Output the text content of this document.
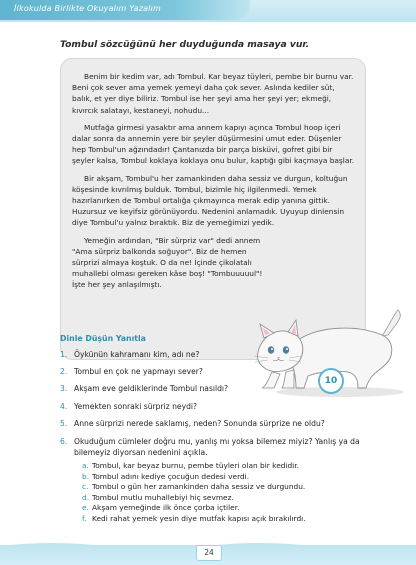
İlkokulda Birlikte Okuyalım Yazalım
Tombul sözcüğünü her duyduğunda masaya vur.

Benim bir kedim var, adı Tombul. Kar beyaz tüyleri, pembe bir burnu var. Beni çok sever ama yemek yemeyi daha çok sever. Aslında kediler süt, balık, et yer diye biliriz. Tombul ise her şeyi ama her şeyi yer; ekmeği, kıvırcık salatayı, kestaneyi, nohudu...

Mutfağa girmesi yasaktır ama annem kapıyı açınca Tombul hoop içeri dalar sonra da annemin yere bir şeyler düşürmesini umut eder. Düşenler hep Tombul'un ağzındadır! Çantanızda bir parça bisküvi, gofret gibi bir şeyler kalsa, Tombul koklaya koklaya onu bulur, kaptığı gibi kaçmaya başlar.

Bir akşam, Tombul'u her zamankinden daha sessiz ve durgun, koltuğun köşesinde kıvrılmış bulduk. Tombul, bizimle hiç ilgilenmedi. Yemek hazırlanırken de Tombul ortalığa çıkmayınca merak edip yanına gittik. Huzursuz ve keyifsiz görünüyordu. Nedenini anlamadık. Uyuyup dinlensin diye Tombul'u yalnız bıraktık. Biz de yemeğimizi yedik.

Yemeğin ardından, "Bir sürpriz var" dedi annem "Ama sürpriz balkonda soğuyor". Biz de hemen sürprizi almaya koştuk. O da ne! İçinde çikolatalı muhallebi olması gereken kâse boş! "Tombuuuuul"! İşte her şey anlaşılmıştı.

10
Dinle Düşün Yanıtla
1. Öykünün kahramanı kim, adı ne?
2. Tombul en çok ne yapmayı sever?
3. Akşam eve geldiklerinde Tombul nasıldı?
4. Yemekten sonraki sürpriz neydi?
5. Anne sürprizi nerede saklamış, neden? Sonunda sürprize ne oldu?
6. Okuduğum cümleler doğru mu, yanlış mı yoksa bilemez miyiz? Yanlış ya da bilemeyiz diyorsan nedenini açıkla.
a. Tombul, kar beyaz burnu, pembe tüyleri olan bir kedidir.
b. Tombul adını kediye çocuğun dedesi verdi.
c. Tombul o gün her zamankinden daha sessiz ve durgundu.
d. Tombul mutlu muhallebiyi hiç sevmez.
e. Akşam yemeğinde ilk önce çorba içtiler.
f. Kedi rahat yemek yesin diye mutfak kapısı açık bırakılırdı.
24
